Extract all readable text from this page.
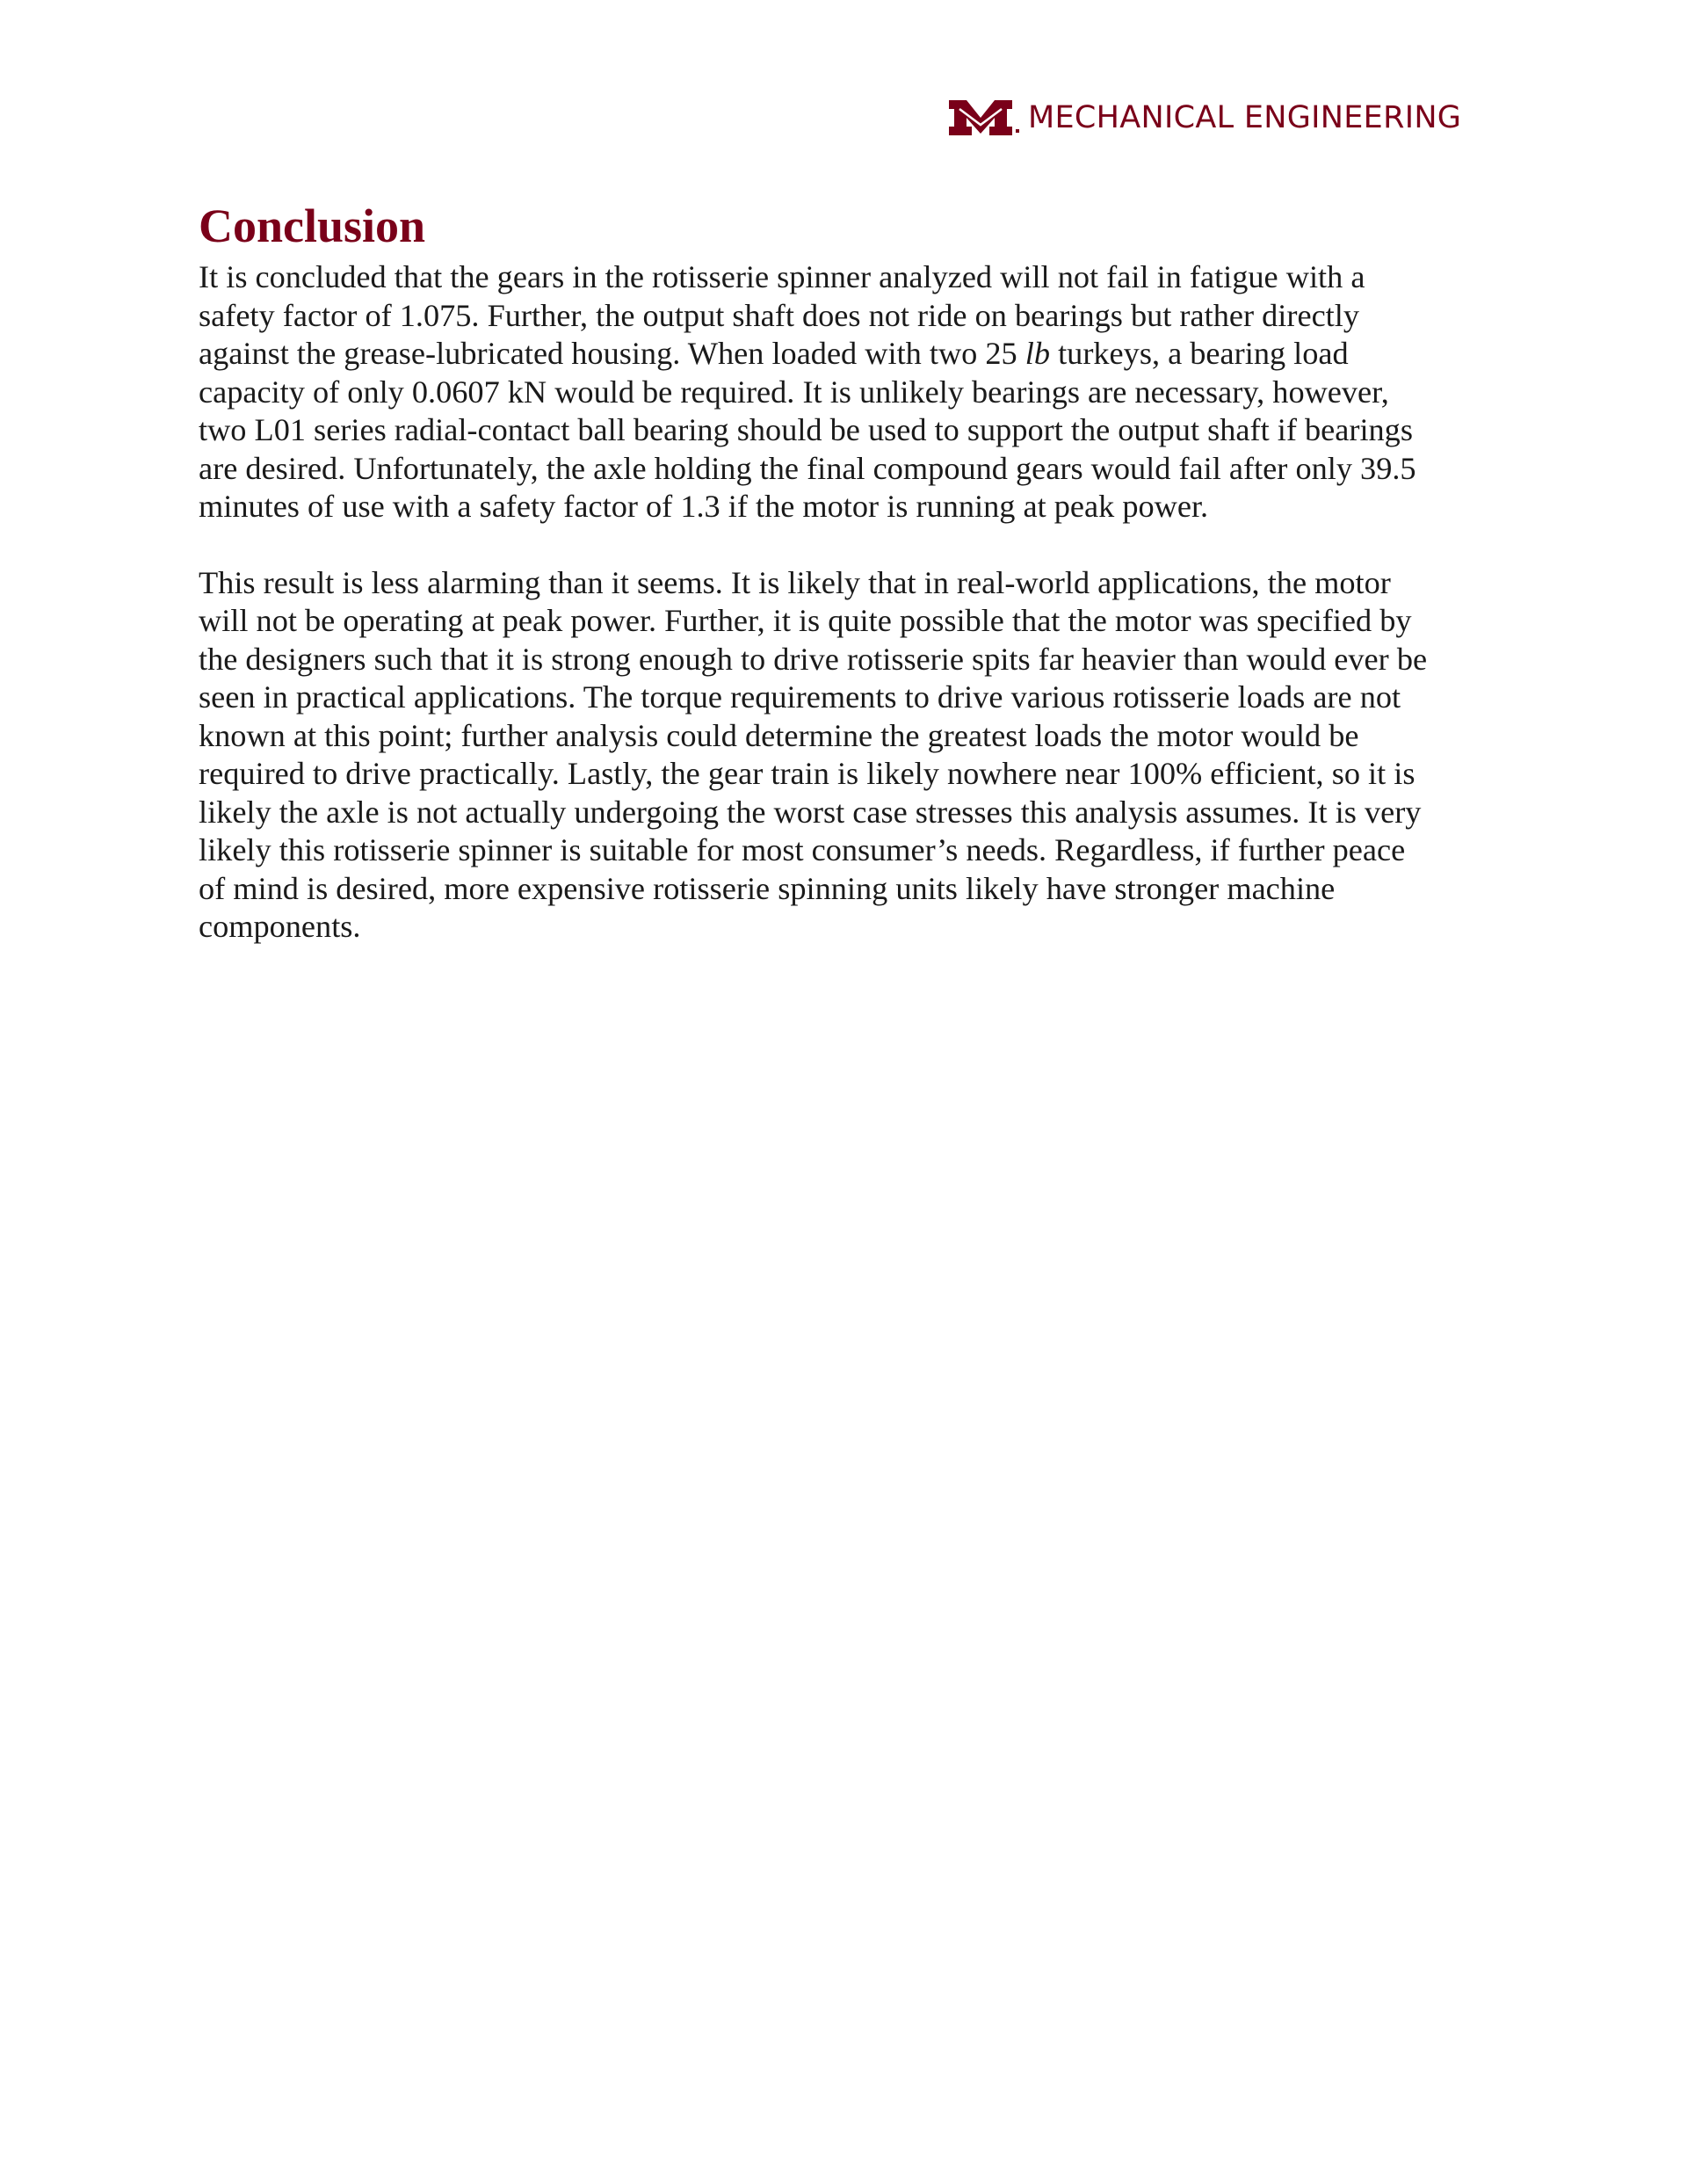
MECHANICAL ENGINEERING
Conclusion

It is concluded that the gears in the rotisserie spinner analyzed will not fail in fatigue with a
safety factor of 1.075. Further, the output shaft does not ride on bearings but rather directly
against the grease-lubricated housing. When loaded with two 25 lb turkeys, a bearing load
capacity of only 0.0607 kN would be required. It is unlikely bearings are necessary, however,
two L01 series radial-contact ball bearing should be used to support the output shaft if bearings
are desired. Unfortunately, the axle holding the final compound gears would fail after only 39.5
minutes of use with a safety factor of 1.3 if the motor is running at peak power.

This result is less alarming than it seems. It is likely that in real-world applications, the motor
will not be operating at peak power. Further, it is quite possible that the motor was specified by
the designers such that it is strong enough to drive rotisserie spits far heavier than would ever be
seen in practical applications. The torque requirements to drive various rotisserie loads are not
known at this point; further analysis could determine the greatest loads the motor would be
required to drive practically. Lastly, the gear train is likely nowhere near 100% efficient, so it is
likely the axle is not actually undergoing the worst case stresses this analysis assumes. It is very
likely this rotisserie spinner is suitable for most consumer’s needs. Regardless, if further peace
of mind is desired, more expensive rotisserie spinning units likely have stronger machine
components.
